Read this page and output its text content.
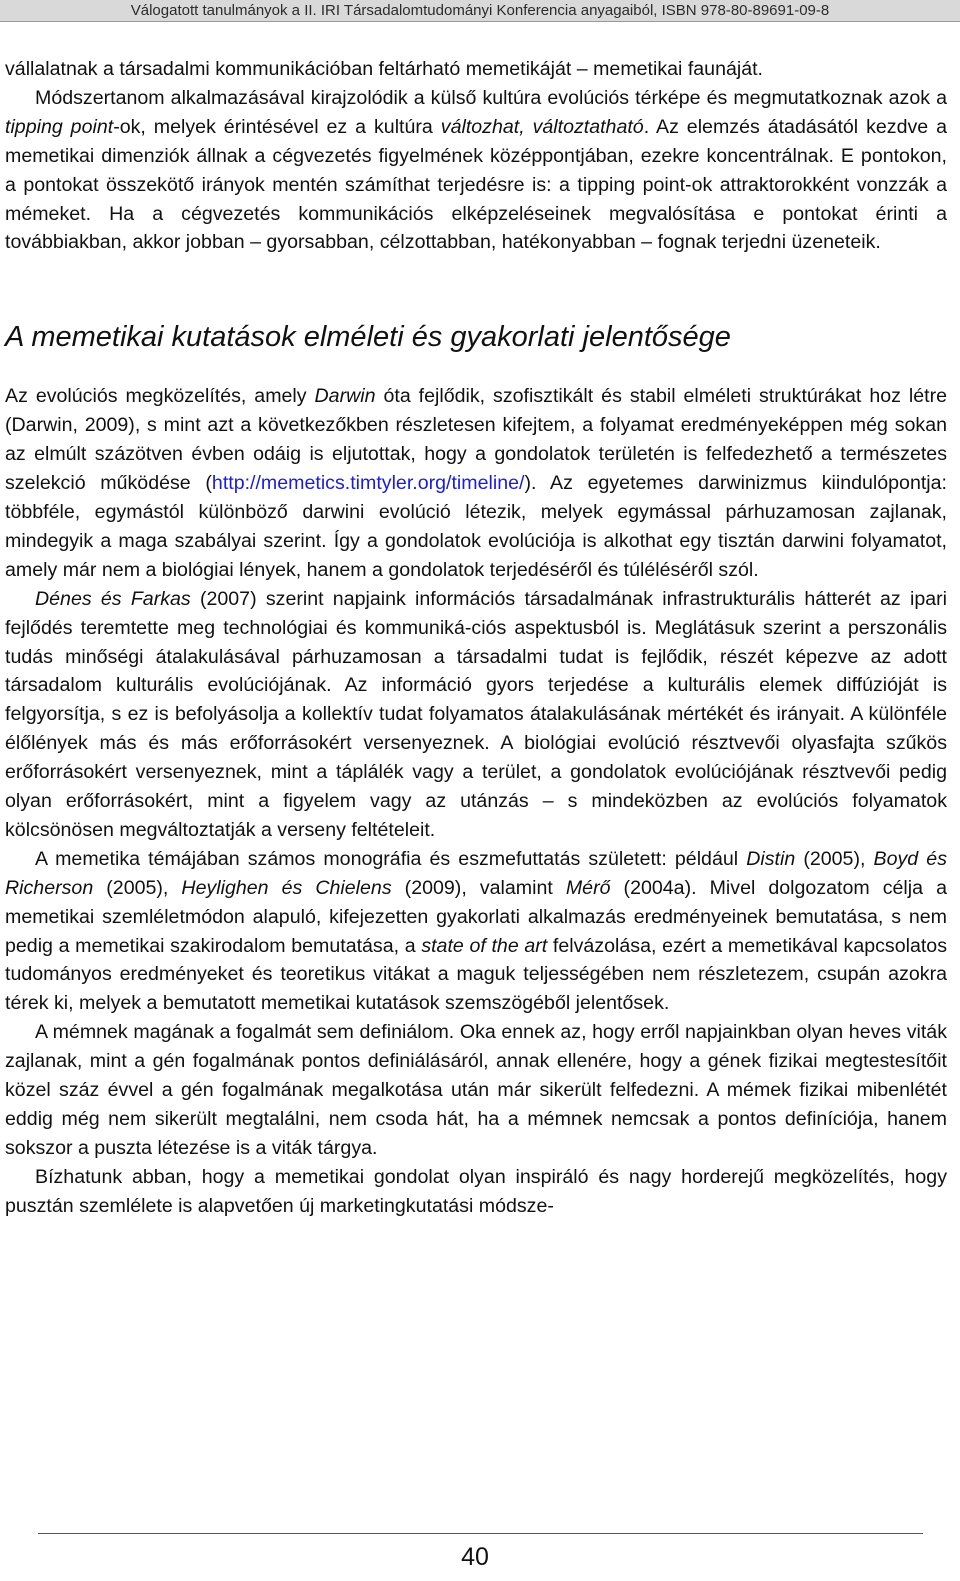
Válogatott tanulmányok a II. IRI Társadalomtudományi Konferencia anyagaiból, ISBN 978-80-89691-09-8

vállalatnak a társadalmi kommunikációban feltárható memetikáját – memetikai faunáját.

Módszertanom alkalmazásával kirajzolódik a külső kultúra evolúciós térképe és megmutatkoznak azok a tipping point-ok, melyek érintésével ez a kultúra változhat, változtatható. Az elemzés átadásától kezdve a memetikai dimenziók állnak a cégvezetés figyelmének középpontjában, ezekre koncentrálnak. E pontokon, a pontokat összekötő irányok mentén számíthat terjedésre is: a tipping point-ok attraktorokként vonzzák a mémeket. Ha a cégvezetés kommunikációs elképzeléseinek megvalósítása e pontokat érinti a továbbiakban, akkor jobban – gyorsabban, célzottabban, hatékonyabban – fognak terjedni üzeneteik.

A memetikai kutatások elméleti és gyakorlati jelentősége

Az evolúciós megközelítés, amely Darwin óta fejlődik, szofisztikált és stabil elméleti struktúrákat hoz létre (Darwin, 2009), s mint azt a következőkben részletesen kifejtem, a folyamat eredményeképpen még sokan az elmúlt százötven évben odáig is eljutottak, hogy a gondolatok területén is felfedezhető a természetes szelekció működése (http://memetics.timtyler.org/timeline/). Az egyetemes darwinizmus kiindulópontja: többféle, egymástól különböző darwini evolúció létezik, melyek egymással párhuzamosan zajlanak, mindegyik a maga szabályai szerint. Így a gondolatok evolúciója is alkothat egy tisztán darwini folyamatot, amely már nem a biológiai lények, hanem a gondolatok terjedéséről és túléléséről szól.

Dénes és Farkas (2007) szerint napjaink információs társadalmának infrastrukturális hátterét az ipari fejlődés teremtette meg technológiai és kommuniká-ciós aspektusból is. Meglátásuk szerint a perszonális tudás minőségi átalakulásával párhuzamosan a társadalmi tudat is fejlődik, részét képezve az adott társadalom kulturális evolúciójának. Az információ gyors terjedése a kulturális elemek diffúzióját is felgyorsítja, s ez is befolyásolja a kollektív tudat folyamatos átalakulásának mértékét és irányait. A különféle élőlények más és más erőforrásokért versenyeznek. A biológiai evolúció résztvevői olyasfajta szűkös erőforrásokért versenyeznek, mint a táplálék vagy a terület, a gondolatok evolúciójának résztvevői pedig olyan erőforrásokért, mint a figyelem vagy az utánzás – s mindeközben az evolúciós folyamatok kölcsönösen megváltoztatják a verseny feltételeit.

A memetika témájában számos monográfia és eszmefuttatás született: például Distin (2005), Boyd és Richerson (2005), Heylighen és Chielens (2009), valamint Mérő (2004a). Mivel dolgozatom célja a memetikai szemléletmódon alapuló, kifejezetten gyakorlati alkalmazás eredményeinek bemutatása, s nem pedig a memetikai szakirodalom bemutatása, a state of the art felvázolása, ezért a memetikával kapcsolatos tudományos eredményeket és teoretikus vitákat a maguk teljességében nem részletezem, csupán azokra térek ki, melyek a bemutatott memetikai kutatások szemszögéből jelentősek.

A mémnek magának a fogalmát sem definiálom. Oka ennek az, hogy erről napjainkban olyan heves viták zajlanak, mint a gén fogalmának pontos definiálásáról, annak ellenére, hogy a gének fizikai megtestesítőit közel száz évvel a gén fogalmának megalkotása után már sikerült felfedezni. A mémek fizikai mibenlétét eddig még nem sikerült megtalálni, nem csoda hát, ha a mémnek nemcsak a pontos definíciója, hanem sokszor a puszta létezése is a viták tárgya.

Bízhatunk abban, hogy a memetikai gondolat olyan inspiráló és nagy horderejű megközelítés, hogy pusztán szemlélete is alapvetően új marketingkutatási módsze-

40
